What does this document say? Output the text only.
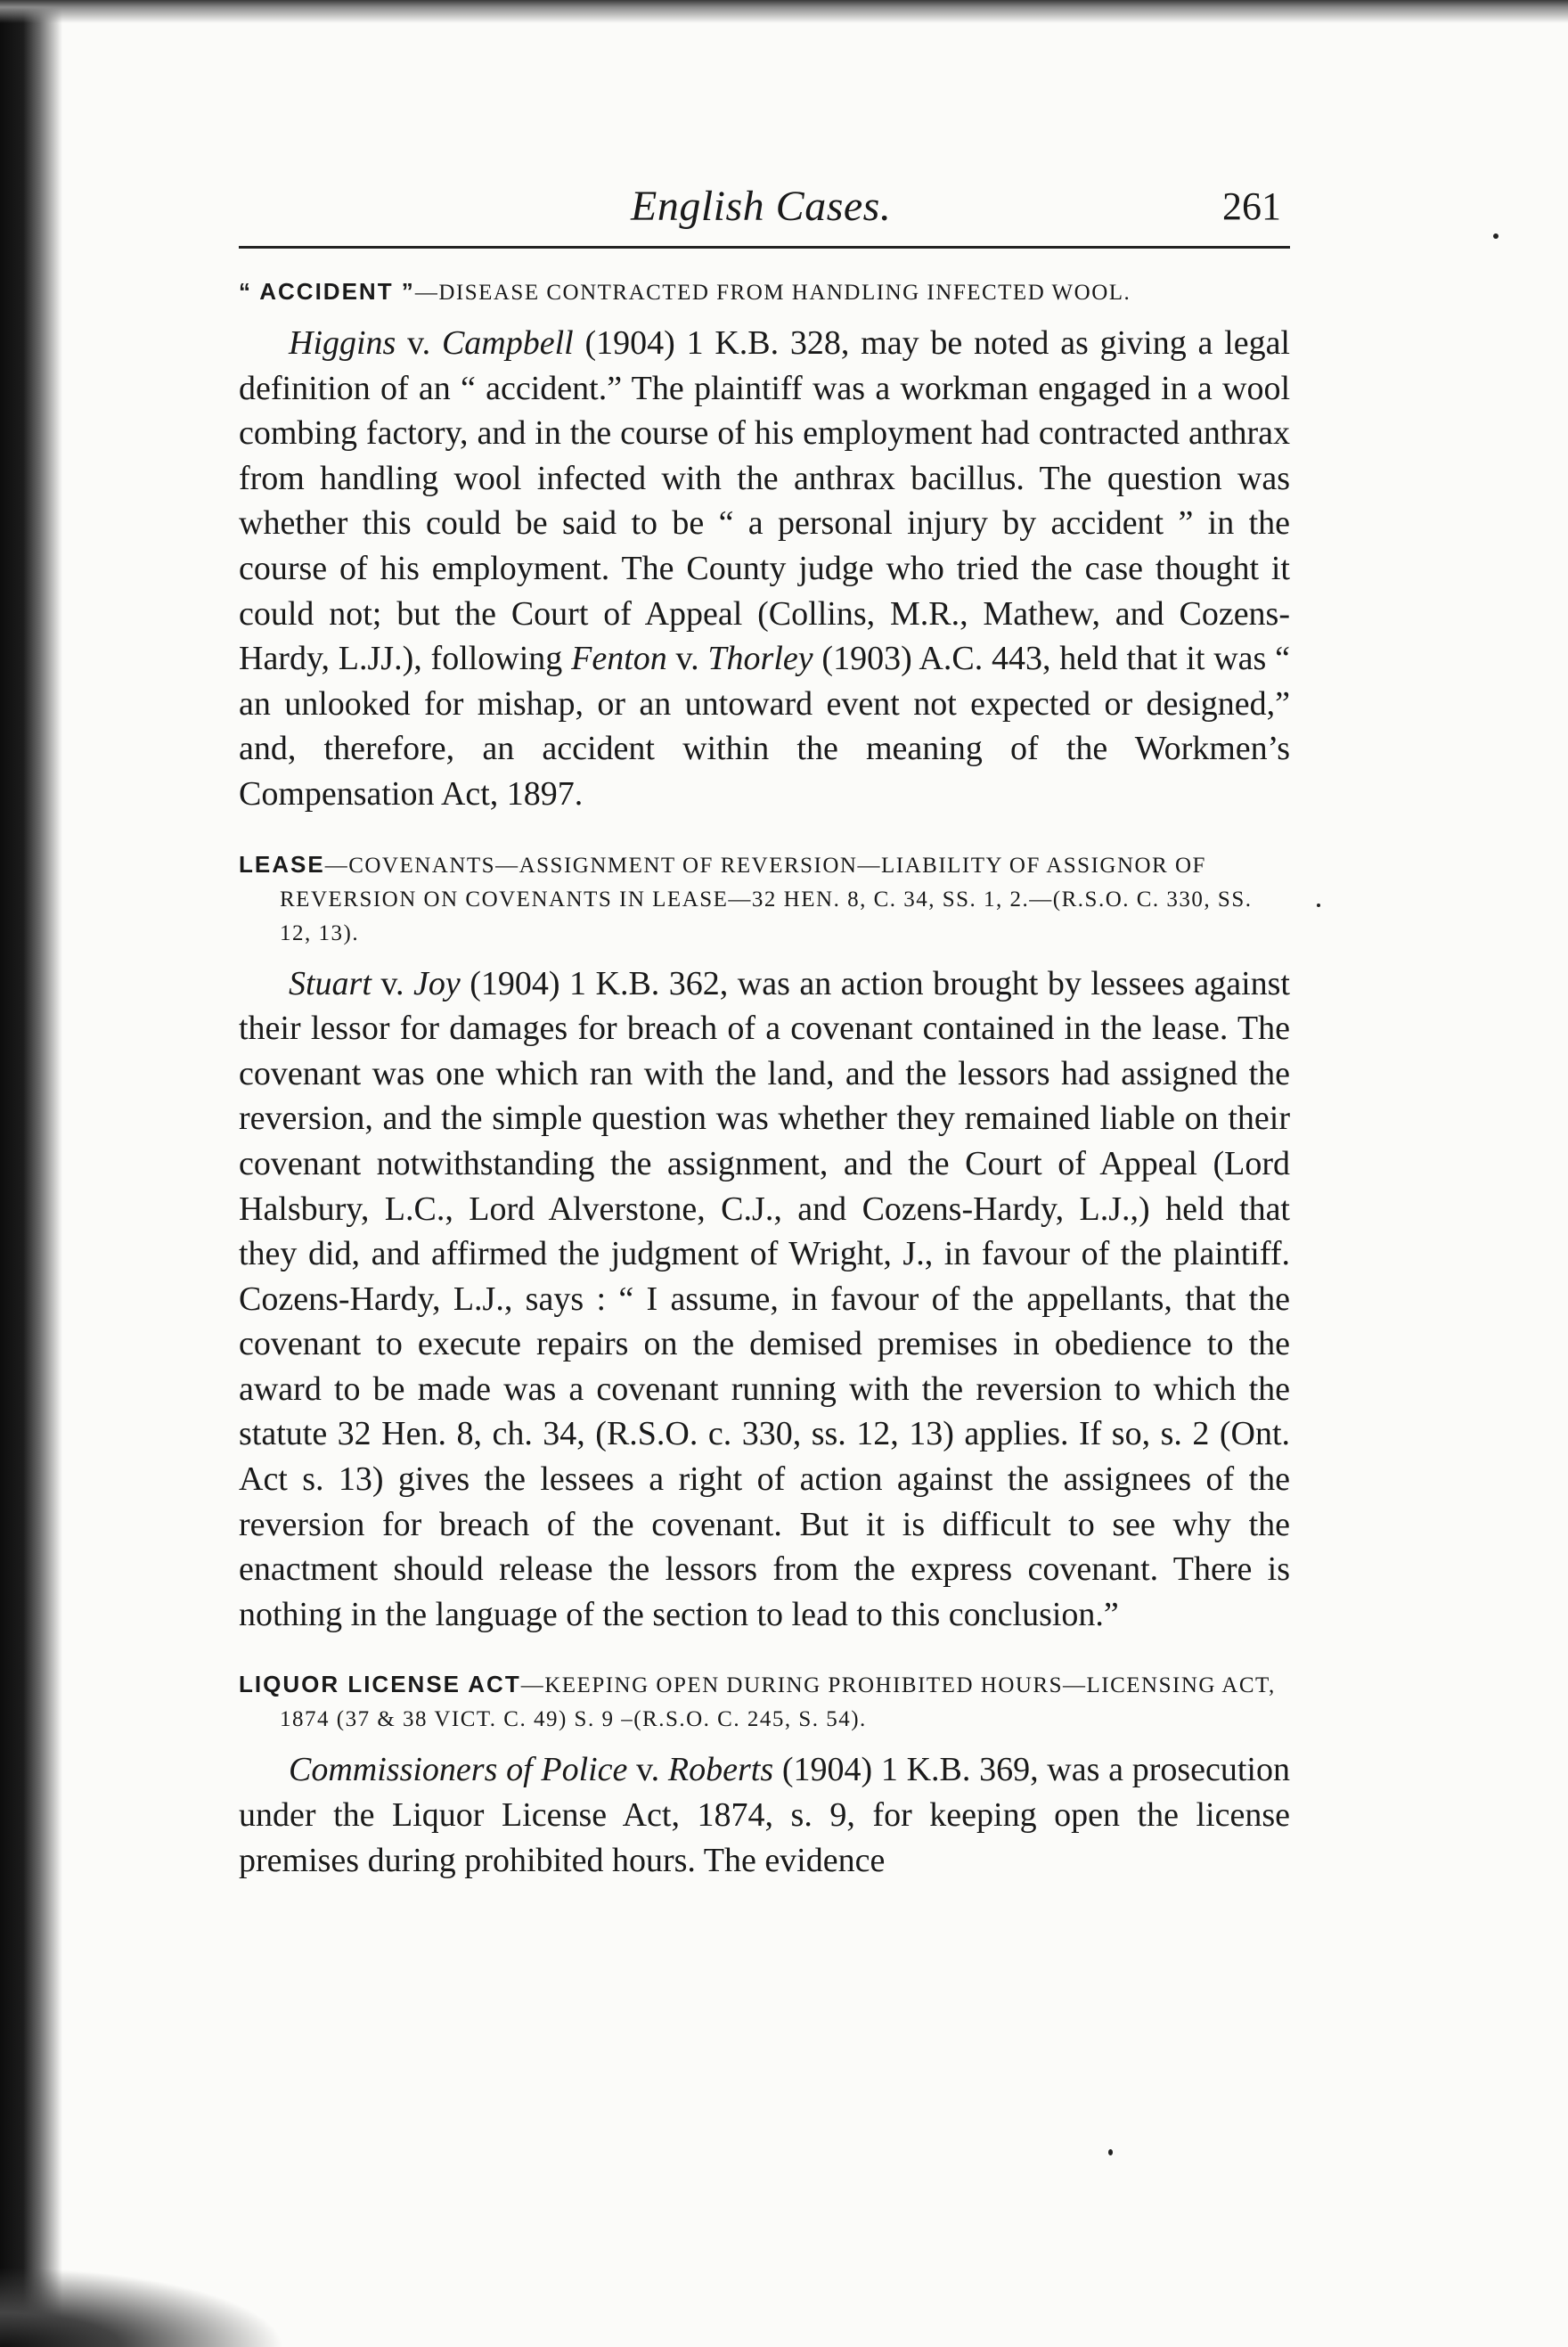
English Cases.	261

“ ACCIDENT ”—DISEASE CONTRACTED FROM HANDLING INFECTED WOOL.

Higgins v. Campbell (1904) 1 K.B. 328, may be noted as giving a legal definition of an “ accident.” The plaintiff was a workman engaged in a wool combing factory, and in the course of his employment had contracted anthrax from handling wool infected with the anthrax bacillus. The question was whether this could be said to be “ a personal injury by accident ” in the course of his employment. The County judge who tried the case thought it could not; but the Court of Appeal (Collins, M.R., Mathew, and Cozens-Hardy, L.JJ.), following Fenton v. Thorley (1903) A.C. 443, held that it was “ an unlooked for mishap, or an untoward event not expected or designed,” and, therefore, an accident within the meaning of the Workmen’s Compensation Act, 1897.

LEASE—COVENANTS—ASSIGNMENT OF REVERSION—LIABILITY OF ASSIGNOR OF REVERSION ON COVENANTS IN LEASE—32 HEN. 8, C. 34, SS. 1, 2.—(R.S.O. C. 330, SS. 12, 13).

Stuart v. Joy (1904) 1 K.B. 362, was an action brought by lessees against their lessor for damages for breach of a covenant contained in the lease. The covenant was one which ran with the land, and the lessors had assigned the reversion, and the simple question was whether they remained liable on their covenant notwithstanding the assignment, and the Court of Appeal (Lord Halsbury, L.C., Lord Alverstone, C.J., and Cozens-Hardy, L.J.,) held that they did, and affirmed the judgment of Wright, J., in favour of the plaintiff. Cozens-Hardy, L.J., says : “ I assume, in favour of the appellants, that the covenant to execute repairs on the demised premises in obedience to the award to be made was a covenant running with the reversion to which the statute 32 Hen. 8, ch. 34, (R.S.O. c. 330, ss. 12, 13) applies. If so, s. 2 (Ont. Act s. 13) gives the lessees a right of action against the assignees of the reversion for breach of the covenant. But it is difficult to see why the enactment should release the lessors from the express covenant. There is nothing in the language of the section to lead to this conclusion.”

LIQUOR LICENSE ACT—KEEPING OPEN DURING PROHIBITED HOURS—LICENSING ACT, 1874 (37 & 38 VICT. C. 49) S. 9 –(R.S.O. C. 245, S. 54).

Commissioners of Police v. Roberts (1904) 1 K.B. 369, was a prosecution under the Liquor License Act, 1874, s. 9, for keeping open the license premises during prohibited hours. The evidence
